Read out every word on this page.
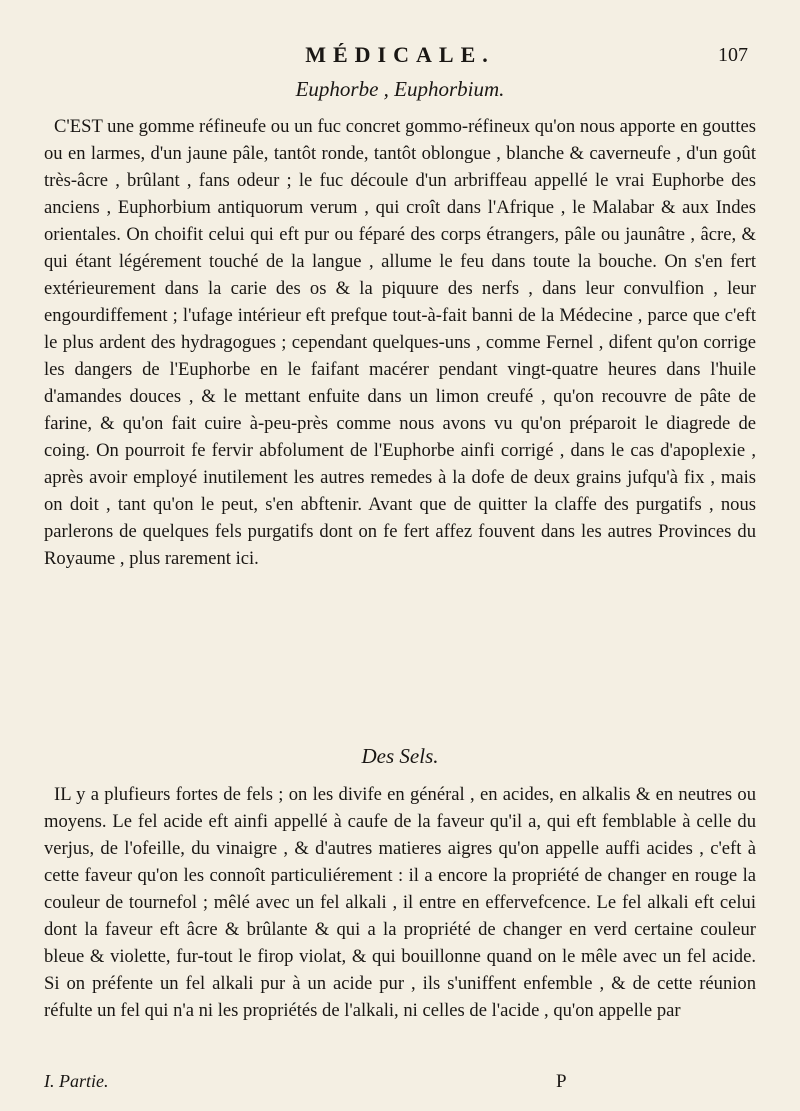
MÉDICALE.	107
Euphorbe , Euphorbium.

C'EST une gomme réfineufe ou un fuc concret gommo-réfineux qu'on nous apporte en gouttes ou en larmes, d'un jaune pâle, tantôt ronde, tantôt oblongue , blanche & caverneufe , d'un goût très-âcre , brûlant , fans odeur ; le fuc découle d'un arbriffeau appellé le vrai Euphorbe des anciens , Euphorbium antiquorum verum , qui croît dans l'Afrique , le Malabar & aux Indes orientales. On choifit celui qui eft pur ou féparé des corps étrangers, pâle ou jaunâtre , âcre, & qui étant légérement touché de la langue , allume le feu dans toute la bouche. On s'en fert extérieurement dans la carie des os & la piquure des nerfs , dans leur convulfion , leur engourdiffement ; l'ufage intérieur eft prefque tout-à-fait banni de la Médecine , parce que c'eft le plus ardent des hydragogues ; cependant quelques-uns , comme Fernel , difent qu'on corrige les dangers de l'Euphorbe en le faifant macérer pendant vingt-quatre heures dans l'huile d'amandes douces , & le mettant enfuite dans un limon creufé , qu'on recouvre de pâte de farine, & qu'on fait cuire à-peu-près comme nous avons vu qu'on préparoit le diagrede de coing. On pourroit fe fervir abfolument de l'Euphorbe ainfi corrigé , dans le cas d'apoplexie , après avoir employé inutilement les autres remedes à la dofe de deux grains jufqu'à fix , mais on doit , tant qu'on le peut, s'en abftenir. Avant que de quitter la claffe des purgatifs , nous parlerons de quelques fels purgatifs dont on fe fert affez fouvent dans les autres Provinces du Royaume , plus rarement ici.

Des Sels.

IL y a plufieurs fortes de fels ; on les divife en général , en acides, en alkalis & en neutres ou moyens. Le fel acide eft ainfi appellé à caufe de la faveur qu'il a, qui eft femblable à celle du verjus, de l'ofeille, du vinaigre , & d'autres matieres aigres qu'on appelle auffi acides , c'eft à cette faveur qu'on les connoît particuliérement : il a encore la propriété de changer en rouge la couleur de tournefol ; mêlé avec un fel alkali , il entre en effervefcence. Le fel alkali eft celui dont la faveur eft âcre & brûlante & qui a la propriété de changer en verd certaine couleur bleue & violette, fur-tout le firop violat, & qui bouillonne quand on le mêle avec un fel acide. Si on préfente un fel alkali pur à un acide pur , ils s'uniffent enfemble , & de cette réunion réfulte un fel qui n'a ni les propriétés de l'alkali, ni celles de l'acide , qu'on appelle par

I. Partie.	P
